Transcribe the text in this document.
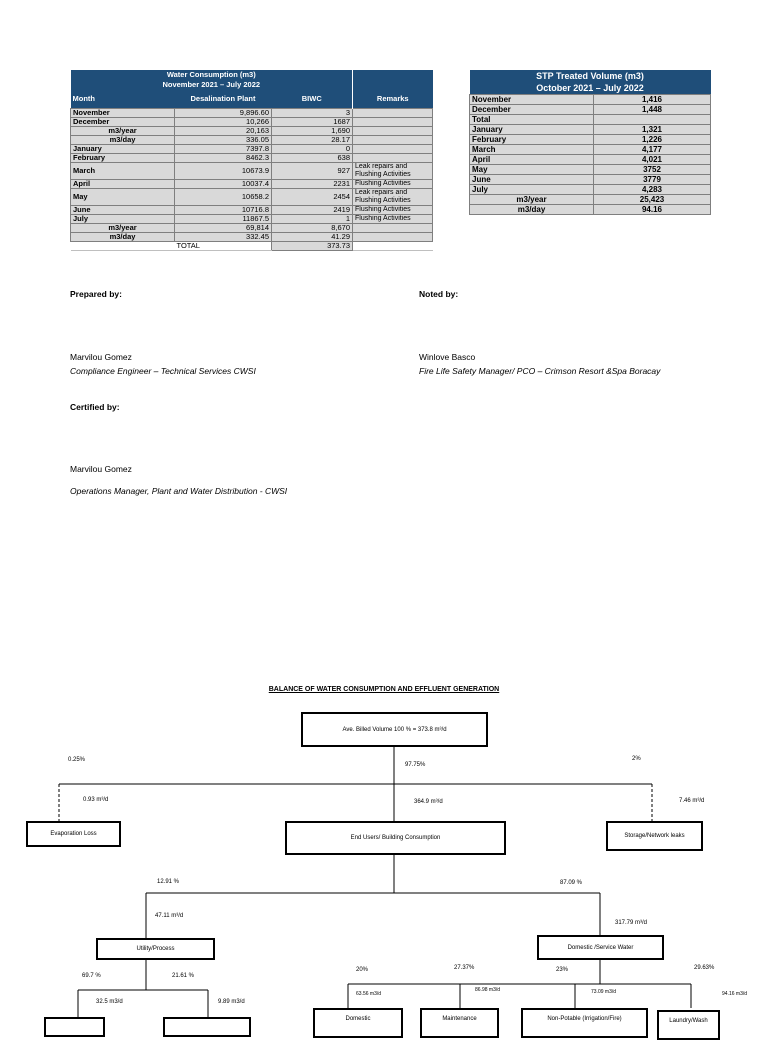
Water Consumption (m3)			
November 2021 – July 2022			
Month	Desalination Plant	BIWC	Remarks
November	9,896.60	3	
December	10,266	1687	
m3/year	20,163	1,690	
m3/day	336.05	28.17	
January	7397.8	0	
February	8462.3	638	
March	10673.9	927	Leak repairs and Flushing Activities
April	10037.4	2231	Flushing Activities
May	10658.2	2454	Leak repairs and Flushing Activities
June	10716.8	2419	Flushing Activities
July	11867.5	1	Flushing Activities
m3/year	69,814	8,670	
m3/day	332.45	41.29	
	TOTAL	373.73	
STP Treated Volume (m3)	
October 2021 – July 2022	
November	1,416
December	1,448
Total	
January	1,321
February	1,226
March	4,177
April	4,021
May	3752
June	3779
July	4,283
m3/year	25,423
m3/day	94.16
Prepared by:	Noted by:
Marvilou Gomez
Compliance Engineer – Technical Services CWSI
Winlove Basco
Fire Life Safety Manager/ PCO – Crimson Resort &Spa Boracay
Certified by:
Marvilou Gomez
Operations Manager, Plant and Water Distribution - CWSI
BALANCE OF WATER CONSUMPTION AND EFFLUENT GENERATION
Ave. Billed Volume 100 % = 373.8 m³/d
0.25%
97.75%
2%
0.93 m³/d	364.9 m³/d	7.46 m³/d
Evaporation Loss
End Users/ Building Consumption	Storage/Network leaks
12.91 %	87.09 %
47.11 m³/d
317.79 m³/d
Utility/Process	Domestic /Service Water
69.7 %	21.61 %
32.5 m3/d	9.89 m3/d
20%	27.37%	23%	29.63%
63.56 m3/d
86.98 m3/d	73.09 m3/d	94.16 m3/d
Domestic	Maintenance	Non-Potable (Irrigation/Fire)	Laundry/Wash
